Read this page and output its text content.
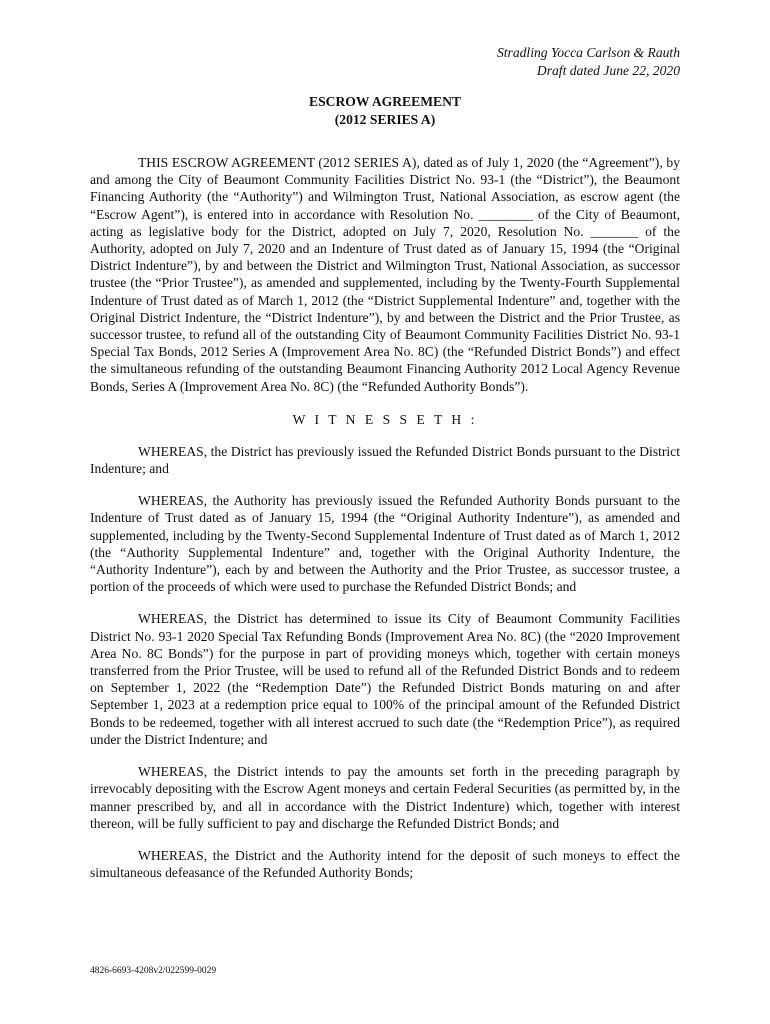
Stradling Yocca Carlson & Rauth
Draft dated June 22, 2020
ESCROW AGREEMENT
(2012 SERIES A)

THIS ESCROW AGREEMENT (2012 SERIES A), dated as of July 1, 2020 (the “Agreement”), by and among the City of Beaumont Community Facilities District No. 93-1 (the “District”), the Beaumont Financing Authority (the “Authority”) and Wilmington Trust, National Association, as escrow agent (the “Escrow Agent”), is entered into in accordance with Resolution No. ________ of the City of Beaumont, acting as legislative body for the District, adopted on July 7, 2020, Resolution No. _______ of the Authority, adopted on July 7, 2020 and an Indenture of Trust dated as of January 15, 1994 (the “Original District Indenture”), by and between the District and Wilmington Trust, National Association, as successor trustee (the “Prior Trustee”), as amended and supplemented, including by the Twenty-Fourth Supplemental Indenture of Trust dated as of March 1, 2012 (the “District Supplemental Indenture” and, together with the Original District Indenture, the “District Indenture”), by and between the District and the Prior Trustee, as successor trustee, to refund all of the outstanding City of Beaumont Community Facilities District No. 93-1 Special Tax Bonds, 2012 Series A (Improvement Area No. 8C) (the “Refunded District Bonds”) and effect the simultaneous refunding of the outstanding Beaumont Financing Authority 2012 Local Agency Revenue Bonds, Series A (Improvement Area No. 8C) (the “Refunded Authority Bonds”).

W I T N E S S E T H :

WHEREAS, the District has previously issued the Refunded District Bonds pursuant to the District Indenture; and

WHEREAS, the Authority has previously issued the Refunded Authority Bonds pursuant to the Indenture of Trust dated as of January 15, 1994 (the “Original Authority Indenture”), as amended and supplemented, including by the Twenty-Second Supplemental Indenture of Trust dated as of March 1, 2012 (the “Authority Supplemental Indenture” and, together with the Original Authority Indenture, the “Authority Indenture”), each by and between the Authority and the Prior Trustee, as successor trustee, a portion of the proceeds of which were used to purchase the Refunded District Bonds; and

WHEREAS, the District has determined to issue its City of Beaumont Community Facilities District No. 93-1 2020 Special Tax Refunding Bonds (Improvement Area No. 8C) (the “2020 Improvement Area No. 8C Bonds”) for the purpose in part of providing moneys which, together with certain moneys transferred from the Prior Trustee, will be used to refund all of the Refunded District Bonds and to redeem on September 1, 2022 (the “Redemption Date”) the Refunded District Bonds maturing on and after September 1, 2023 at a redemption price equal to 100% of the principal amount of the Refunded District Bonds to be redeemed, together with all interest accrued to such date (the “Redemption Price”), as required under the District Indenture; and

WHEREAS, the District intends to pay the amounts set forth in the preceding paragraph by irrevocably depositing with the Escrow Agent moneys and certain Federal Securities (as permitted by, in the manner prescribed by, and all in accordance with the District Indenture) which, together with interest thereon, will be fully sufficient to pay and discharge the Refunded District Bonds; and

WHEREAS, the District and the Authority intend for the deposit of such moneys to effect the simultaneous defeasance of the Refunded Authority Bonds;

4826-6693-4208v2/022599-0029
